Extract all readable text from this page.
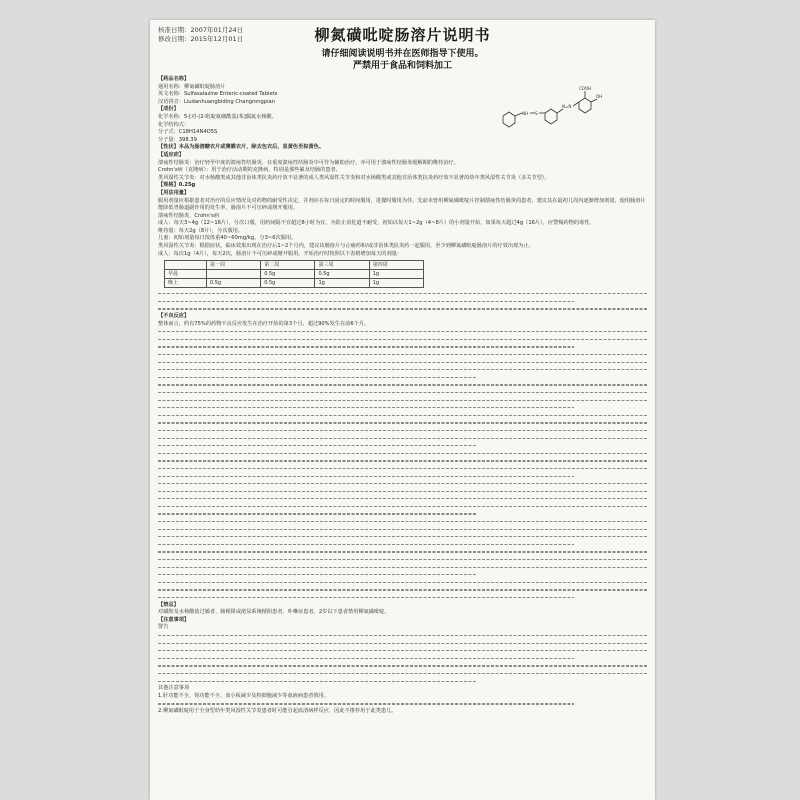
核准日期：2007年01月24日
修改日期：2015年12月01日	柳氮磺吡啶肠溶片说明书
请仔细阅读说明书并在医师指导下使用。
严禁用于食品和饲料加工
NH S
N=N
COOH
OH

【药品名称】

通用名称：柳氮磺吡啶肠溶片

英文名称：Sulfasalazine Enteric-coated Tablets

汉语拼音：Liudanhuangbiding Changrongpian

【成份】

化学名称：5-[对-(2-吡啶氨磺酰基)苯]偶氮水杨酸。

化学结构式：

分子式：C18H14N4O5S

分子量：398.39

【性状】本品为肠溶糖衣片或薄膜衣片，除去包衣后，显黄色至棕黄色。

【适应症】

溃疡性结肠炎：治疗轻至中度的溃疡性结肠炎，在重度溃疡性结肠炎中可作为辅助治疗，亦可用于溃疡性结肠炎缓解期的维持治疗。

Crohn's病（克隆病）：用于治疗活动期的克隆病，特别是那些累及结肠的患者。

类风湿性关节炎：对水杨酸类或其他非甾体类抗炎药疗效不显著的成人类风湿性关节炎和对水杨酸类或其他非甾体类抗炎药疗效不显著的幼年类风湿性关节炎（多关节型）。

【规格】0.25g

【用法用量】

服用剂量应根据患者对治疗的反应情况及对药物的耐受性决定，并剂应在每日固定的时间服用，进餐时服用为佳。先前未曾用柳氮磺吡啶片控制溃疡性结肠炎的患者，建议其在最初几周内逐渐增加剂量，使用肠溶片能降低胃肠道副作用的发生率。肠溶片不可压碎或掰开服用。

溃疡性结肠炎、Crohn's病

成人：每天3~4g（12~16片），分次口服，用药间隔不宜超过8小时为宜。为防止消化道不耐受，初始以每天1~2g（4~8片）的小剂量开始，如果每天超过4g（16片），应警惕药物的毒性。

维持量：每天2g（8片），分次服用。

儿童：初始剂量每日按体重40~60mg/kg，分3~6次服用。

类风湿性关节炎：根据症状，临床效果出现在治疗后1~2个月内，建议该肠溶片与止痛药和/或非甾体类抗炎药一起服用，至少到柳氮磺吡啶肠溶片的疗效出现为止。

成人：每次1g（4片），每天2次，肠溶片不可压碎或掰开服用。开始治疗时按照以下表格增加每天的剂量：

	第一周	第二周	第三周	第四周
早晨		0.5g	0.5g	1g
晚上	0.5g	0.5g	1g	1g

【不良反应】

整体而言，约有75%的药物不良反应发生在治疗开始的第3个月，超过90%发生在前6个月。

【禁忌】

对磺胺及水杨酸盐过敏者、肠梗阻或泌尿系统梗阻患者、卟啉症患者、2岁以下患者禁用柳氮磺吡啶。

【注意事项】

警告

其他注意事项

1.肝功能不全、肾功能不全、血小板减少及粒细胞减少等血液病患者慎用。

2.柳氮磺吡啶用于全身型幼年类风湿性关节炎患者时可能引起血清病样反应，因此不推荐用于此类患儿。
